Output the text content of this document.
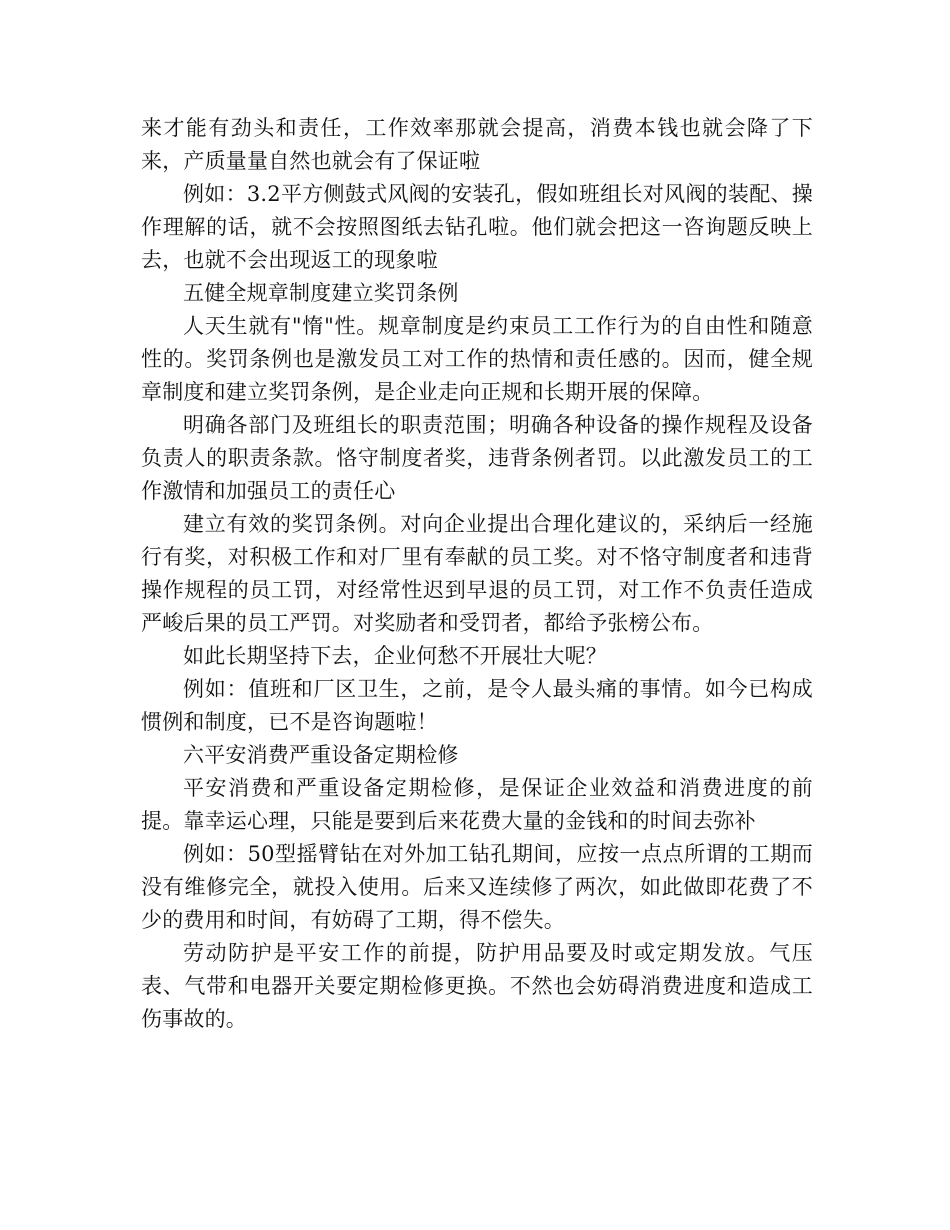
来才能有劲头和责任，工作效率那就会提高，消费本钱也就会降了下来，产质量量自然也就会有了保证啦

例如：3.2平方侧鼓式风阀的安装孔，假如班组长对风阀的装配、操作理解的话，就不会按照图纸去钻孔啦。他们就会把这一咨询题反映上去，也就不会出现返工的现象啦

五健全规章制度建立奖罚条例

人天生就有"惰"性。规章制度是约束员工工作行为的自由性和随意性的。奖罚条例也是激发员工对工作的热情和责任感的。因而，健全规章制度和建立奖罚条例，是企业走向正规和长期开展的保障。

明确各部门及班组长的职责范围；明确各种设备的操作规程及设备负责人的职责条款。恪守制度者奖，违背条例者罚。以此激发员工的工作激情和加强员工的责任心

建立有效的奖罚条例。对向企业提出合理化建议的，采纳后一经施行有奖，对积极工作和对厂里有奉献的员工奖。对不恪守制度者和违背操作规程的员工罚，对经常性迟到早退的员工罚，对工作不负责任造成严峻后果的员工严罚。对奖励者和受罚者，都给予张榜公布。

如此长期坚持下去，企业何愁不开展壮大呢？

例如：值班和厂区卫生，之前，是令人最头痛的事情。如今已构成惯例和制度，已不是咨询题啦！

六平安消费严重设备定期检修

平安消费和严重设备定期检修，是保证企业效益和消费进度的前提。靠幸运心理，只能是要到后来花费大量的金钱和的时间去弥补

例如：50型摇臂钻在对外加工钻孔期间，应按一点点所谓的工期而没有维修完全，就投入使用。后来又连续修了两次，如此做即花费了不少的费用和时间，有妨碍了工期，得不偿失。

劳动防护是平安工作的前提，防护用品要及时或定期发放。气压表、气带和电器开关要定期检修更换。不然也会妨碍消费进度和造成工伤事故的。
